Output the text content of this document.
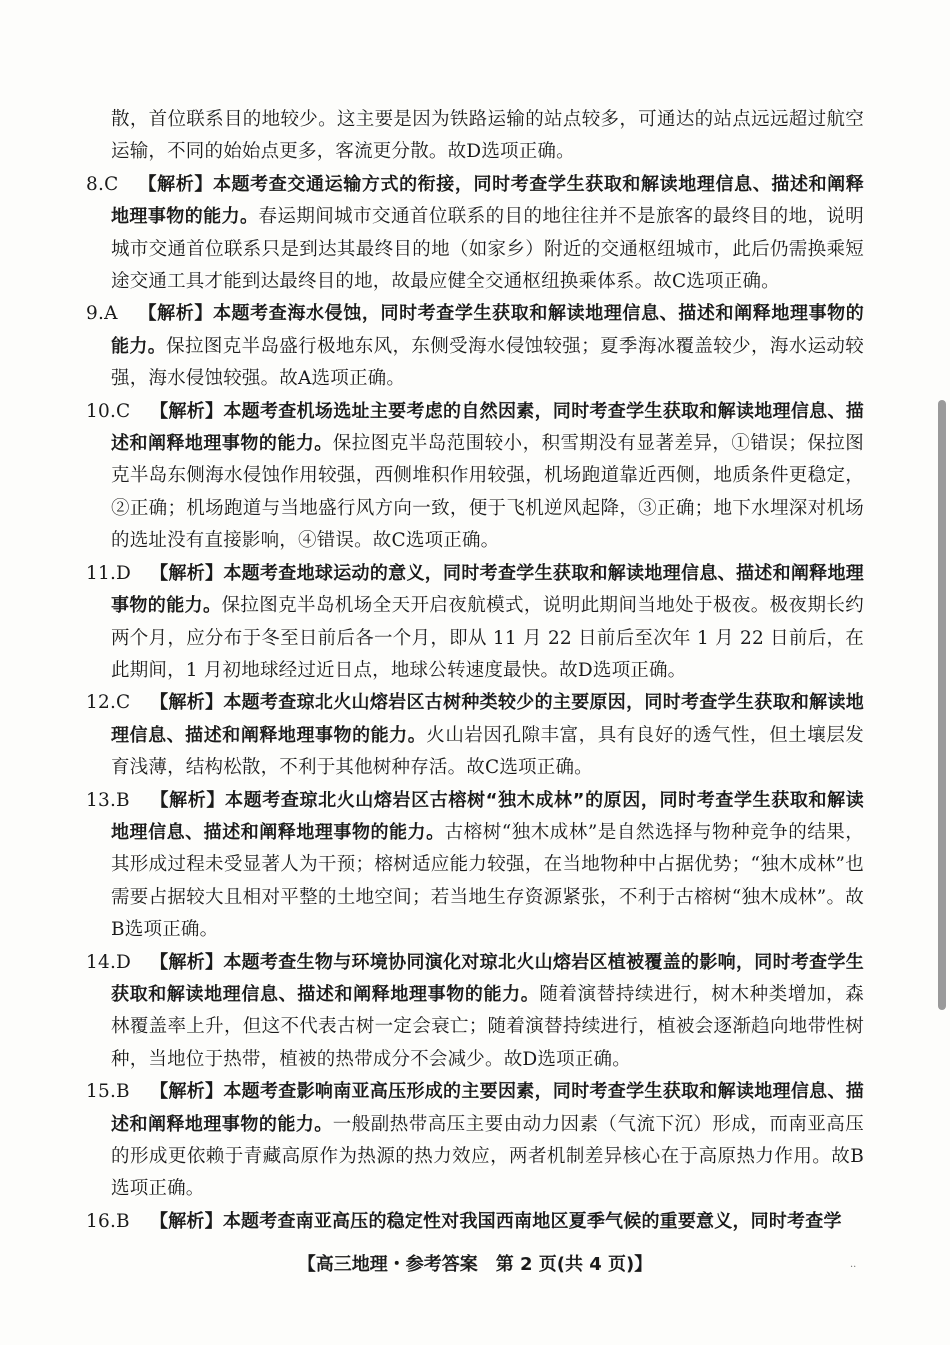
散，首位联系目的地较少。这主要是因为铁路运输的站点较多，可通达的站点远远超过航空运输，不同的始始点更多，客流更分散。故D选项正确。

8.C 【解析】本题考查交通运输方式的衔接，同时考查学生获取和解读地理信息、描述和阐释地理事物的能力。春运期间城市交通首位联系的目的地往往并不是旅客的最终目的地，说明城市交通首位联系只是到达其最终目的地（如家乡）附近的交通枢纽城市，此后仍需换乘短途交通工具才能到达最终目的地，故最应健全交通枢纽换乘体系。故C选项正确。
9.A 【解析】本题考查海水侵蚀，同时考查学生获取和解读地理信息、描述和阐释地理事物的能力。保拉图克半岛盛行极地东风，东侧受海水侵蚀较强；夏季海冰覆盖较少，海水运动较强，海水侵蚀较强。故A选项正确。
10.C 【解析】本题考查机场选址主要考虑的自然因素，同时考查学生获取和解读地理信息、描述和阐释地理事物的能力。保拉图克半岛范围较小，积雪期没有显著差异，①错误；保拉图克半岛东侧海水侵蚀作用较强，西侧堆积作用较强，机场跑道靠近西侧，地质条件更稳定，②正确；机场跑道与当地盛行风方向一致，便于飞机逆风起降，③正确；地下水埋深对机场的选址没有直接影响，④错误。故C选项正确。
11.D 【解析】本题考查地球运动的意义，同时考查学生获取和解读地理信息、描述和阐释地理事物的能力。保拉图克半岛机场全天开启夜航模式，说明此期间当地处于极夜。极夜期长约两个月，应分布于冬至日前后各一个月，即从 11 月 22 日前后至次年 1 月 22 日前后，在此期间，1 月初地球经过近日点，地球公转速度最快。故D选项正确。
12.C 【解析】本题考查琼北火山熔岩区古树种类较少的主要原因，同时考查学生获取和解读地理信息、描述和阐释地理事物的能力。火山岩因孔隙丰富，具有良好的透气性，但土壤层发育浅薄，结构松散，不利于其他树种存活。故C选项正确。
13.B 【解析】本题考查琼北火山熔岩区古榕树“独木成林”的原因，同时考查学生获取和解读地理信息、描述和阐释地理事物的能力。古榕树“独木成林”是自然选择与物种竞争的结果，其形成过程未受显著人为干预；榕树适应能力较强，在当地物种中占据优势；“独木成林”也需要占据较大且相对平整的土地空间；若当地生存资源紧张，不利于古榕树“独木成林”。故B选项正确。
14.D 【解析】本题考查生物与环境协同演化对琼北火山熔岩区植被覆盖的影响，同时考查学生获取和解读地理信息、描述和阐释地理事物的能力。随着演替持续进行，树木种类增加，森林覆盖率上升，但这不代表古树一定会衰亡；随着演替持续进行，植被会逐渐趋向地带性树种，当地位于热带，植被的热带成分不会减少。故D选项正确。
15.B 【解析】本题考查影响南亚高压形成的主要因素，同时考查学生获取和解读地理信息、描述和阐释地理事物的能力。一般副热带高压主要由动力因素（气流下沉）形成，而南亚高压的形成更依赖于青藏高原作为热源的热力效应，两者机制差异核心在于高原热力作用。故B选项正确。
16.B 【解析】本题考查南亚高压的稳定性对我国西南地区夏季气候的重要意义，同时考查学
【高三地理・参考答案　第 2 页(共 4 页)】	··
